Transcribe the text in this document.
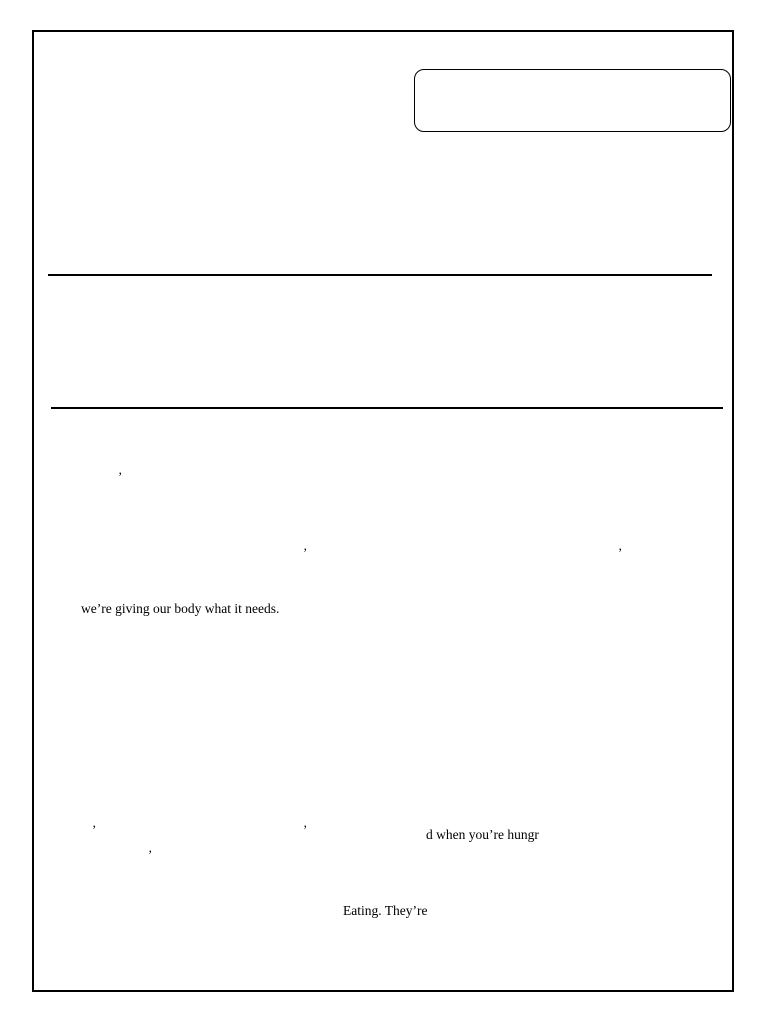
’
’	’
we’re giving our body what it needs.
’	’	d when you’re hungr
’
Eating. They’re
